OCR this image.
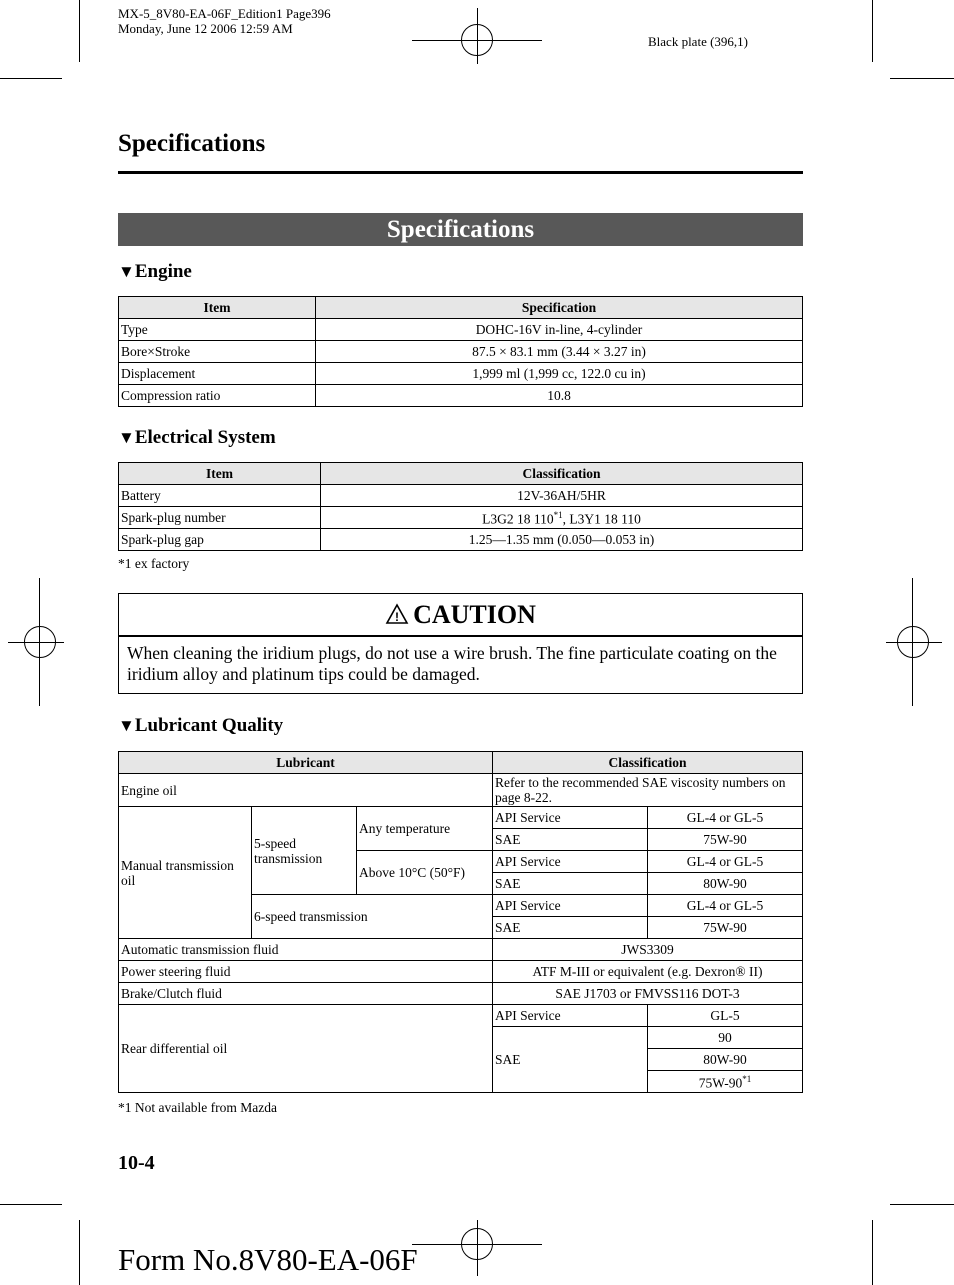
MX-5_8V80-EA-06F_Edition1 Page396
Monday, June 12 2006 12:59 AM
Black plate (396,1)
Specifications
Specifications
▼Engine
Item	Specification
Type	DOHC-16V in-line, 4-cylinder
Bore×Stroke	87.5 × 83.1 mm (3.44 × 3.27 in)
Displacement	1,999 ml (1,999 cc, 122.0 cu in)
Compression ratio	10.8
▼Electrical System
Item	Classification
Battery	12V-36AH/5HR
Spark-plug number	L3G2 18 110$^{*1}$, L3Y1 18 110
Spark-plug gap	1.25―1.35 mm (0.050―0.053 in)
*1 ex factory
! CAUTION
When cleaning the iridium plugs, do not use a wire brush. The fine particulate coating on the iridium alloy and platinum tips could be damaged.
▼Lubricant Quality
Lubricant			Classification	
Engine oil			Refer to the recommended SAE viscosity numbers on page 8-22.	
Manual transmission oil	5-speed transmission	Any temperature	API Service	GL-4 or GL-5
			SAE	75W-90
		Above 10°C (50°F)	API Service	GL-4 or GL-5
			SAE	80W-90
	6-speed transmission		API Service	GL-4 or GL-5
			SAE	75W-90
Automatic transmission fluid			JWS3309	
Power steering fluid			ATF M-III or equivalent (e.g. Dexron® II)	
Brake/Clutch fluid			SAE J1703 or FMVSS116 DOT-3	
Rear differential oil			API Service	GL-5
			SAE	90
				80W-90
				75W-90$^{*1}$
*1 Not available from Mazda
10-4
Form No.8V80-EA-06F
